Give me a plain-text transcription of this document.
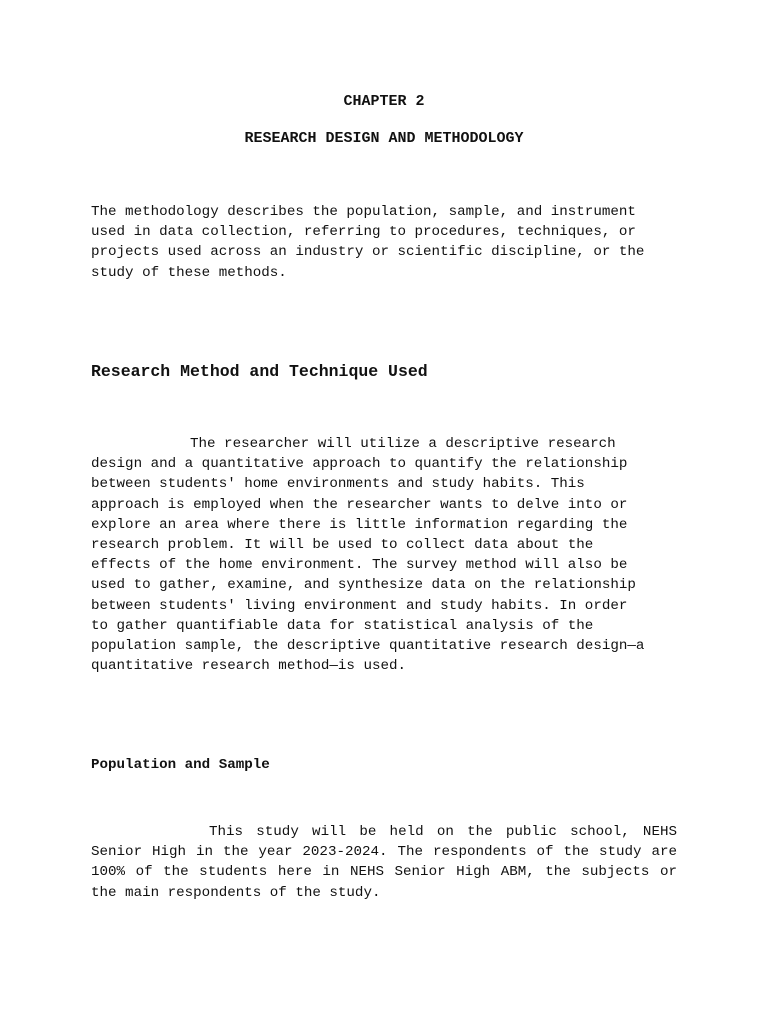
CHAPTER 2
RESEARCH DESIGN AND METHODOLOGY

The methodology describes the population, sample, and instrument
used in data collection, referring to procedures, techniques, or
projects used across an industry or scientific discipline, or the
study of these methods.

Research Method and Technique Used

The researcher will utilize a descriptive research
design and a quantitative approach to quantify the relationship
between students' home environments and study habits. This
approach is employed when the researcher wants to delve into or
explore an area where there is little information regarding the
research problem. It will be used to collect data about the
effects of the home environment. The survey method will also be
used to gather, examine, and synthesize data on the relationship
between students' living environment and study habits. In order
to gather quantifiable data for statistical analysis of the
population sample, the descriptive quantitative research design—a
quantitative research method—is used.

Population and Sample

This study will be held on the public school, NEHS Senior High in the year 2023-2024. The respondents of the study are 100% of the students here in NEHS Senior High ABM, the subjects or the main respondents of the study.
